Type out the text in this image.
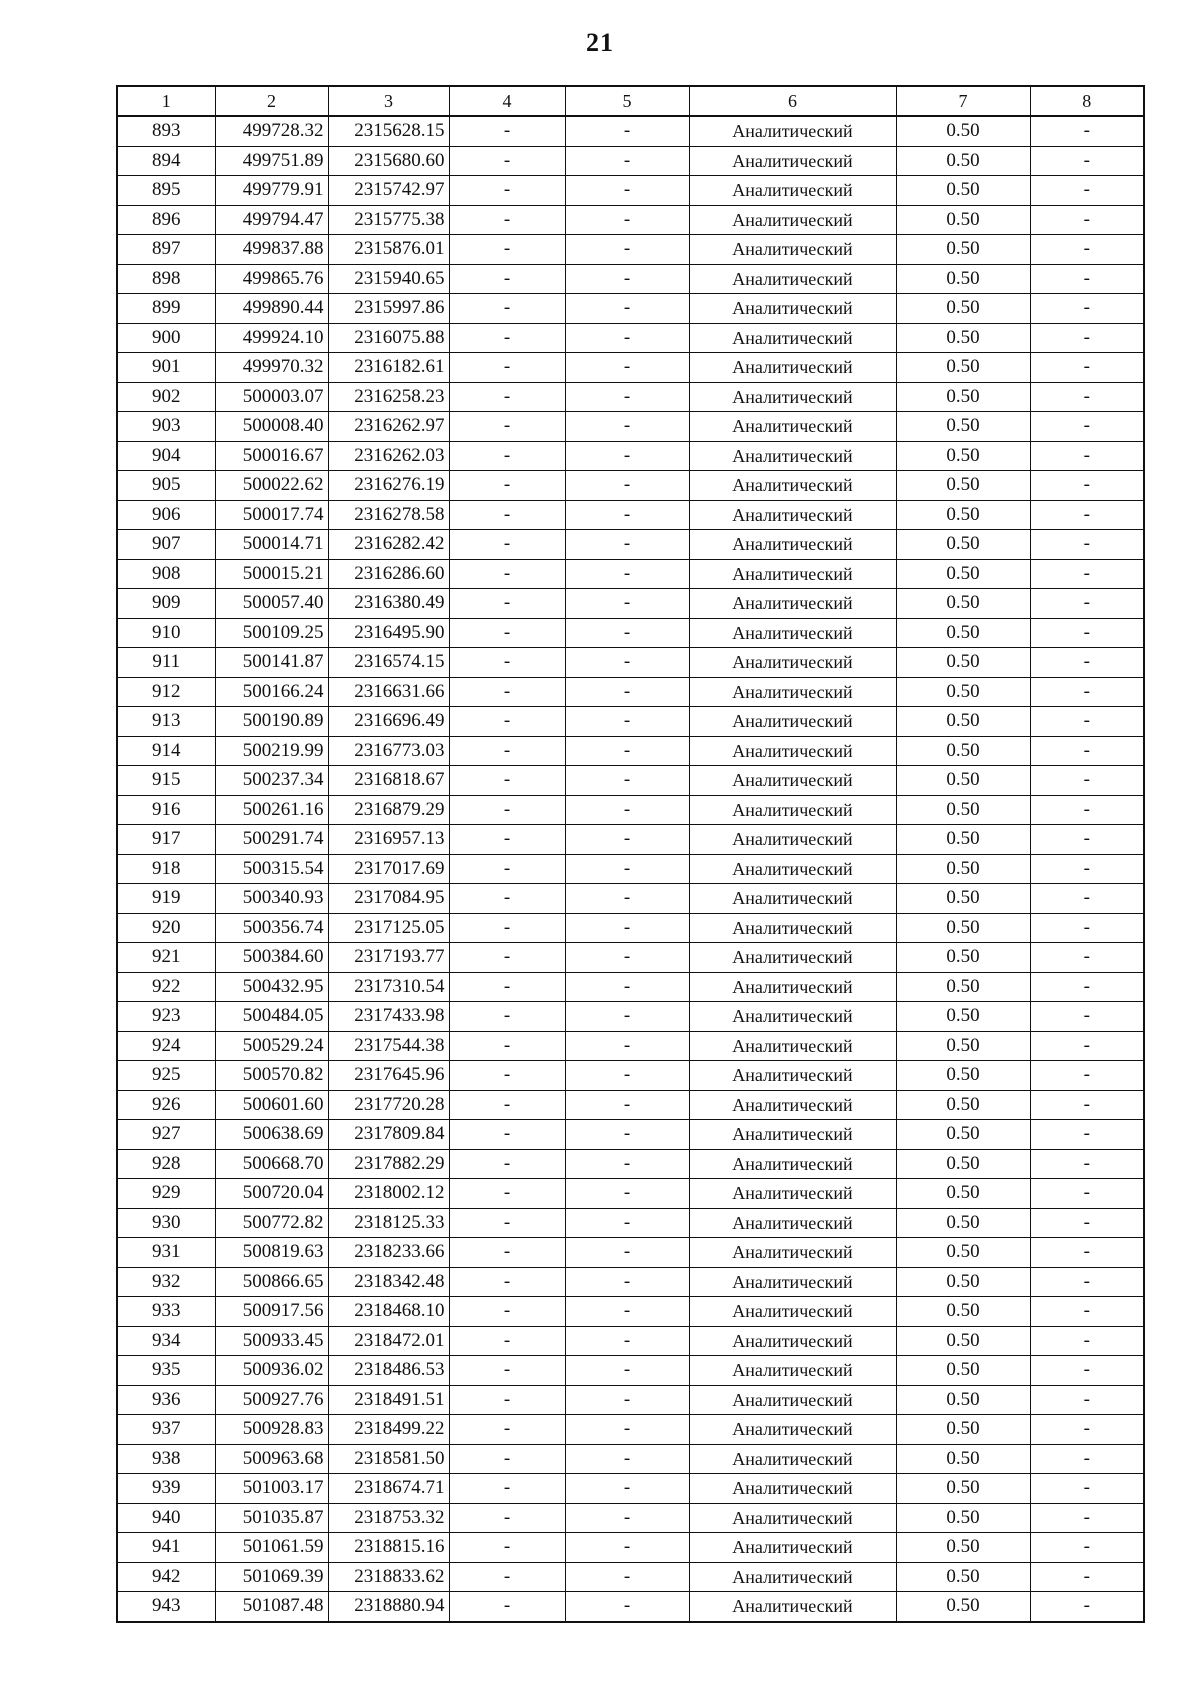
21
1	2	3	4	5	6	7	8
893	499728.32	2315628.15	-	-	Аналитический	0.50	-
894	499751.89	2315680.60	-	-	Аналитический	0.50	-
895	499779.91	2315742.97	-	-	Аналитический	0.50	-
896	499794.47	2315775.38	-	-	Аналитический	0.50	-
897	499837.88	2315876.01	-	-	Аналитический	0.50	-
898	499865.76	2315940.65	-	-	Аналитический	0.50	-
899	499890.44	2315997.86	-	-	Аналитический	0.50	-
900	499924.10	2316075.88	-	-	Аналитический	0.50	-
901	499970.32	2316182.61	-	-	Аналитический	0.50	-
902	500003.07	2316258.23	-	-	Аналитический	0.50	-
903	500008.40	2316262.97	-	-	Аналитический	0.50	-
904	500016.67	2316262.03	-	-	Аналитический	0.50	-
905	500022.62	2316276.19	-	-	Аналитический	0.50	-
906	500017.74	2316278.58	-	-	Аналитический	0.50	-
907	500014.71	2316282.42	-	-	Аналитический	0.50	-
908	500015.21	2316286.60	-	-	Аналитический	0.50	-
909	500057.40	2316380.49	-	-	Аналитический	0.50	-
910	500109.25	2316495.90	-	-	Аналитический	0.50	-
911	500141.87	2316574.15	-	-	Аналитический	0.50	-
912	500166.24	2316631.66	-	-	Аналитический	0.50	-
913	500190.89	2316696.49	-	-	Аналитический	0.50	-
914	500219.99	2316773.03	-	-	Аналитический	0.50	-
915	500237.34	2316818.67	-	-	Аналитический	0.50	-
916	500261.16	2316879.29	-	-	Аналитический	0.50	-
917	500291.74	2316957.13	-	-	Аналитический	0.50	-
918	500315.54	2317017.69	-	-	Аналитический	0.50	-
919	500340.93	2317084.95	-	-	Аналитический	0.50	-
920	500356.74	2317125.05	-	-	Аналитический	0.50	-
921	500384.60	2317193.77	-	-	Аналитический	0.50	-
922	500432.95	2317310.54	-	-	Аналитический	0.50	-
923	500484.05	2317433.98	-	-	Аналитический	0.50	-
924	500529.24	2317544.38	-	-	Аналитический	0.50	-
925	500570.82	2317645.96	-	-	Аналитический	0.50	-
926	500601.60	2317720.28	-	-	Аналитический	0.50	-
927	500638.69	2317809.84	-	-	Аналитический	0.50	-
928	500668.70	2317882.29	-	-	Аналитический	0.50	-
929	500720.04	2318002.12	-	-	Аналитический	0.50	-
930	500772.82	2318125.33	-	-	Аналитический	0.50	-
931	500819.63	2318233.66	-	-	Аналитический	0.50	-
932	500866.65	2318342.48	-	-	Аналитический	0.50	-
933	500917.56	2318468.10	-	-	Аналитический	0.50	-
934	500933.45	2318472.01	-	-	Аналитический	0.50	-
935	500936.02	2318486.53	-	-	Аналитический	0.50	-
936	500927.76	2318491.51	-	-	Аналитический	0.50	-
937	500928.83	2318499.22	-	-	Аналитический	0.50	-
938	500963.68	2318581.50	-	-	Аналитический	0.50	-
939	501003.17	2318674.71	-	-	Аналитический	0.50	-
940	501035.87	2318753.32	-	-	Аналитический	0.50	-
941	501061.59	2318815.16	-	-	Аналитический	0.50	-
942	501069.39	2318833.62	-	-	Аналитический	0.50	-
943	501087.48	2318880.94	-	-	Аналитический	0.50	-
